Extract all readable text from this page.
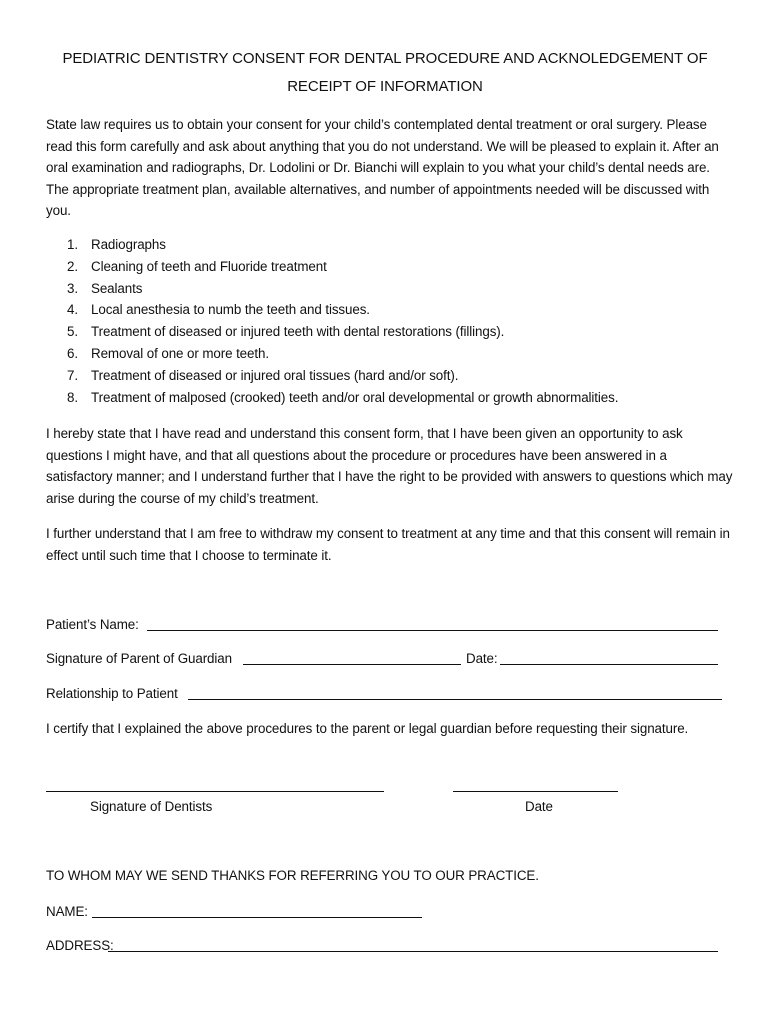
PEDIATRIC DENTISTRY CONSENT FOR DENTAL PROCEDURE AND ACKNOLEDGEMENT OF
RECEIPT OF INFORMATION
State law requires us to obtain your consent for your child’s contemplated dental treatment or oral surgery. Please read this form carefully and ask about anything that you do not understand. We will be pleased to explain it. After an oral examination and radiographs, Dr. Lodolini or Dr. Bianchi will explain to you what your child’s dental needs are. The appropriate treatment plan, available alternatives, and number of appointments needed will be discussed with you.
1. Radiographs
2. Cleaning of teeth and Fluoride treatment
3. Sealants
4. Local anesthesia to numb the teeth and tissues.
5. Treatment of diseased or injured teeth with dental restorations (fillings).
6. Removal of one or more teeth.
7. Treatment of diseased or injured oral tissues (hard and/or soft).
8. Treatment of malposed (crooked) teeth and/or oral developmental or growth abnormalities.
I hereby state that I have read and understand this consent form, that I have been given an opportunity to ask questions I might have, and that all questions about the procedure or procedures have been answered in a satisfactory manner; and I understand further that I have the right to be provided with answers to questions which may arise during the course of my child’s treatment.
I further understand that I am free to withdraw my consent to treatment at any time and that this consent will remain in effect until such time that I choose to terminate it.
Patient’s Name:
Signature of Parent of Guardian	Date:
Relationship to Patient
I certify that I explained the above procedures to the parent or legal guardian before requesting their signature.
Signature of Dentists	Date
TO WHOM MAY WE SEND THANKS FOR REFERRING YOU TO OUR PRACTICE.
NAME:
ADDRESS:
